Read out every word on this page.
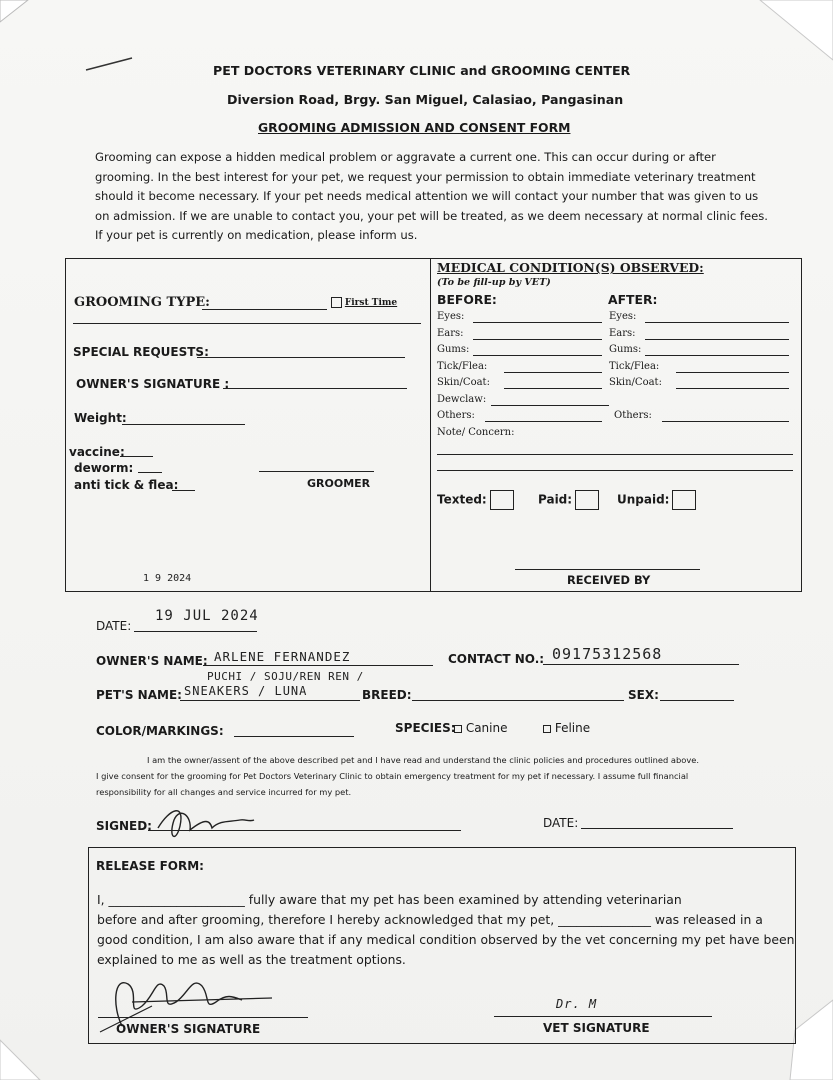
PET DOCTORS VETERINARY CLINIC and GROOMING CENTER
Diversion Road, Brgy. San Miguel, Calasiao, Pangasinan
GROOMING ADMISSION AND CONSENT FORM
Grooming can expose a hidden medical problem or aggravate a current one. This can occur during or after
grooming. In the best interest for your pet, we request your permission to obtain immediate veterinary treatment
should it become necessary. If your pet needs medical attention we will contact your number that was given to us
on admission. If we are unable to contact you, your pet will be treated, as we deem necessary at normal clinic fees.
If your pet is currently on medication, please inform us.
GROOMING TYPE:	First Time
SPECIAL REQUESTS:
OWNER'S SIGNATURE :
Weight:
vaccine:
deworm:
anti tick & flea:	GROOMER
1 9 2024
MEDICAL CONDITION(S) OBSERVED:
(To be fill-up by VET)
BEFORE:	AFTER:
Eyes:	Eyes:
Ears:	Ears:
Gums:	Gums:
Tick/Flea:	Tick/Flea:
Skin/Coat:	Skin/Coat:
Dewclaw:
Others:	Others:
Note/ Concern:
Texted:	Paid:	Unpaid:
RECEIVED BY
DATE:
19 JUL 2024
OWNER'S NAME: ARLENE FERNANDEZ	CONTACT NO.: 09175312568
PUCHI / SOJU/REN REN /
PET'S NAME: SNEAKERS / LUNA	BREED:	SEX:
COLOR/MARKINGS:	SPECIES: Canine	Feline
I am the owner/assent of the above described pet and I have read and understand the clinic policies and procedures outlined above.
I give consent for the grooming for Pet Doctors Veterinary Clinic to obtain emergency treatment for my pet if necessary. I assume full financial
responsibility for all changes and service incurred for my pet.
SIGNED:	DATE:
RELEASE FORM:
I, ______________________ fully aware that my pet has been examined by attending veterinarian
before and after grooming, therefore I hereby acknowledged that my pet, _______________ was released in a
good condition, I am also aware that if any medical condition observed by the vet concerning my pet have been
explained to me as well as the treatment options.
OWNER'S SIGNATURE
Dr. M
VET SIGNATURE
